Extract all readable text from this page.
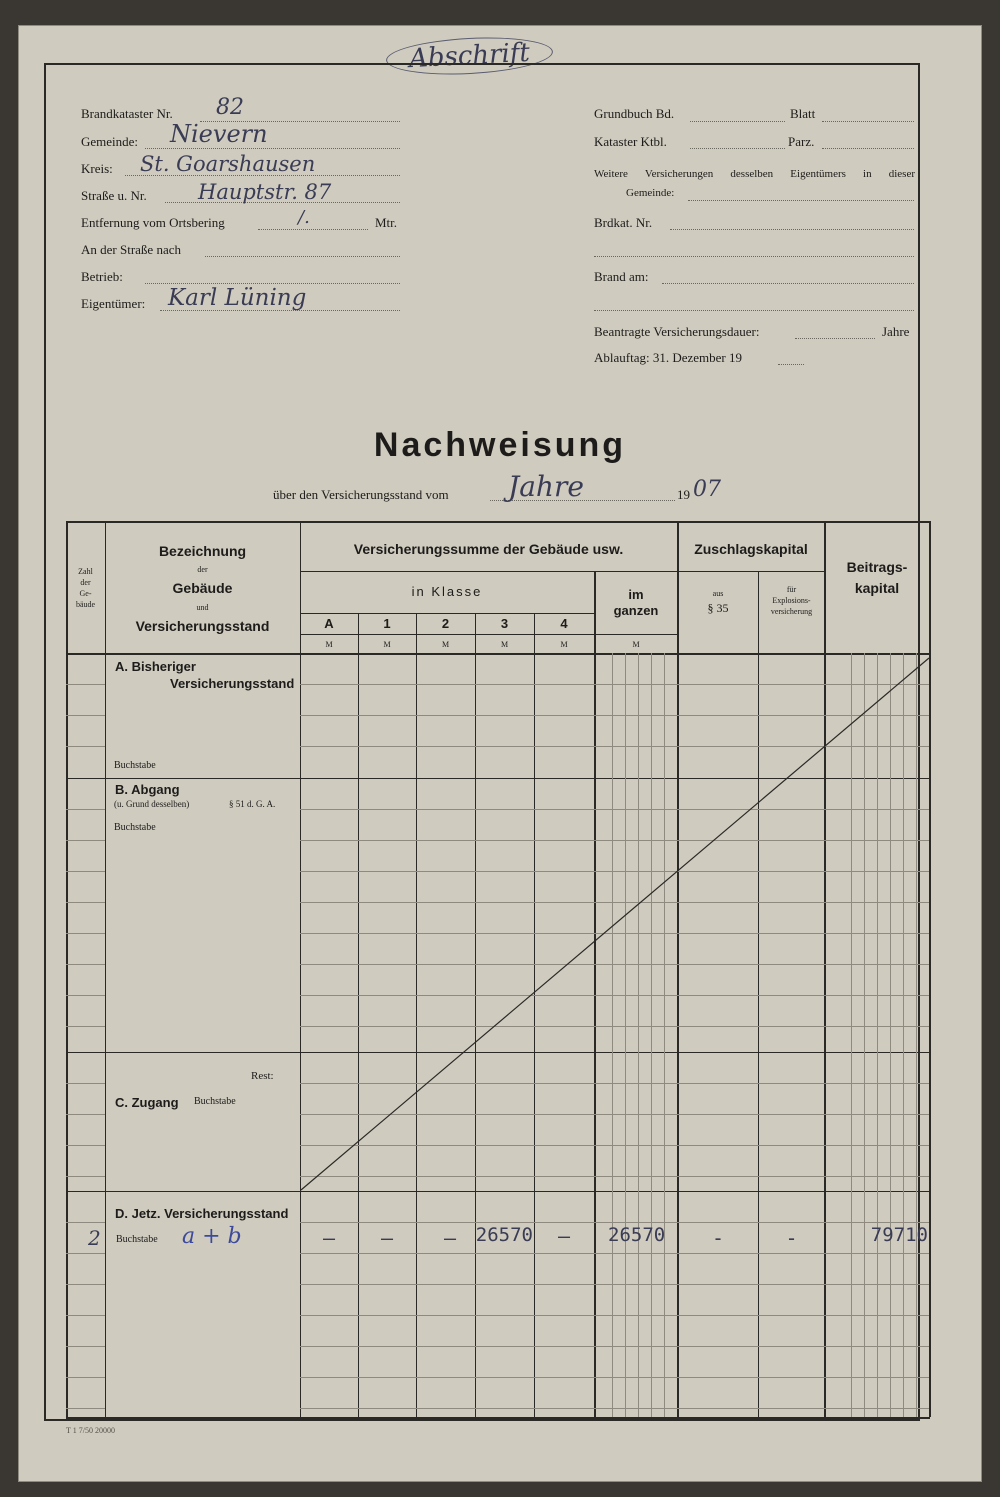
Abschrift
Brandkataster Nr. 82
Gemeinde: Nievern
Kreis: St. Goarshausen
Straße u. Nr. Hauptstr. 87
Entfernung vom Ortsbering	/.	Mtr.
An der Straße nach
Betrieb:
Eigentümer: Karl Lüning
Grundbuch Bd.	Blatt
Kataster Ktbl.	Parz.
Weitere Versicherungen desselben Eigentümers in dieser
Gemeinde:
Brdkat. Nr.
Brand am:
Beantragte Versicherungsdauer:	Jahre
Ablauftag: 31. Dezember 19
Nachweisung
über den Versicherungsstand vom Jahre	19 07
Zahl
der
Ge-
bäude
Bezeichnung
der
Gebäude
und
Versicherungsstand
Versicherungssumme der Gebäude usw.
in Klasse	im
ganzen
A	1	2	3	4
M	M	M	M	M	M
Zuschlagskapital
aus
§ 35
für
Explosions-
versicherung
Beitrags-
kapital
A. Bisheriger
Versicherungsstand
Buchstabe
B. Abgang
(u. Grund desselben)	§ 51 d. G. A.
Buchstabe
Rest:
C. Zugang Buchstabe
D. Jetz. Versicherungsstand
Buchstabe
2	a + b	—	—	—	26570	—	26570	-	-	79710
T 1 7/50 20000
